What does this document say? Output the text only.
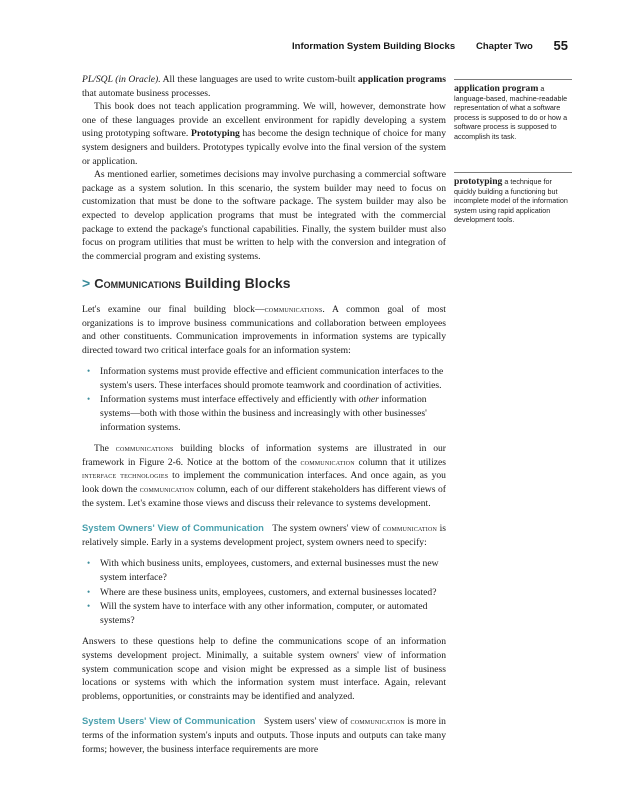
Information System Building Blocks Chapter Two 55
application program a language-based, machine-readable representation of what a software process is supposed to do or how a software process is supposed to accomplish its task.
prototyping a technique for quickly building a functioning but incomplete model of the information system using rapid application development tools.

PL/SQL (in Oracle). All these languages are used to write custom-built application programs that automate business processes.

This book does not teach application programming. We will, however, demonstrate how one of these languages provide an excellent environment for rapidly developing a system using prototyping software. Prototyping has become the design technique of choice for many system designers and builders. Prototypes typically evolve into the final version of the system or application.

As mentioned earlier, sometimes decisions may involve purchasing a commercial software package as a system solution. In this scenario, the system builder may need to focus on customization that must be done to the software package. The system builder may also be expected to develop application programs that must be integrated with the commercial package to extend the package's functional capabilities. Finally, the system builder must also focus on program utilities that must be written to help with the conversion and integration of the commercial program and existing systems.

> Communications Building Blocks

Let's examine our final building block—communications. A common goal of most organizations is to improve business communications and collaboration between employees and other constituents. Communication improvements in information systems are typically directed toward two critical interface goals for an information system:

• Information systems must provide effective and efficient communication interfaces to the system's users. These interfaces should promote teamwork and coordination of activities.
• Information systems must interface effectively and efficiently with other information systems—both with those within the business and increasingly with other businesses' information systems.

The communications building blocks of information systems are illustrated in our framework in Figure 2-6. Notice at the bottom of the communication column that it utilizes interface technologies to implement the communication interfaces. And once again, as you look down the communication column, each of our different stakeholders has different views of the system. Let's examine those views and discuss their relevance to systems development.

System Owners' View of Communication The system owners' view of communication is relatively simple. Early in a systems development project, system owners need to specify:

• With which business units, employees, customers, and external businesses must the new system interface?
• Where are these business units, employees, customers, and external businesses located?
• Will the system have to interface with any other information, computer, or automated systems?

Answers to these questions help to define the communications scope of an information systems development project. Minimally, a suitable system owners' view of information system communication scope and vision might be expressed as a simple list of business locations or systems with which the information system must interface. Again, relevant problems, opportunities, or constraints may be identified and analyzed.

System Users' View of Communication System users' view of communication is more in terms of the information system's inputs and outputs. Those inputs and outputs can take many forms; however, the business interface requirements are more
